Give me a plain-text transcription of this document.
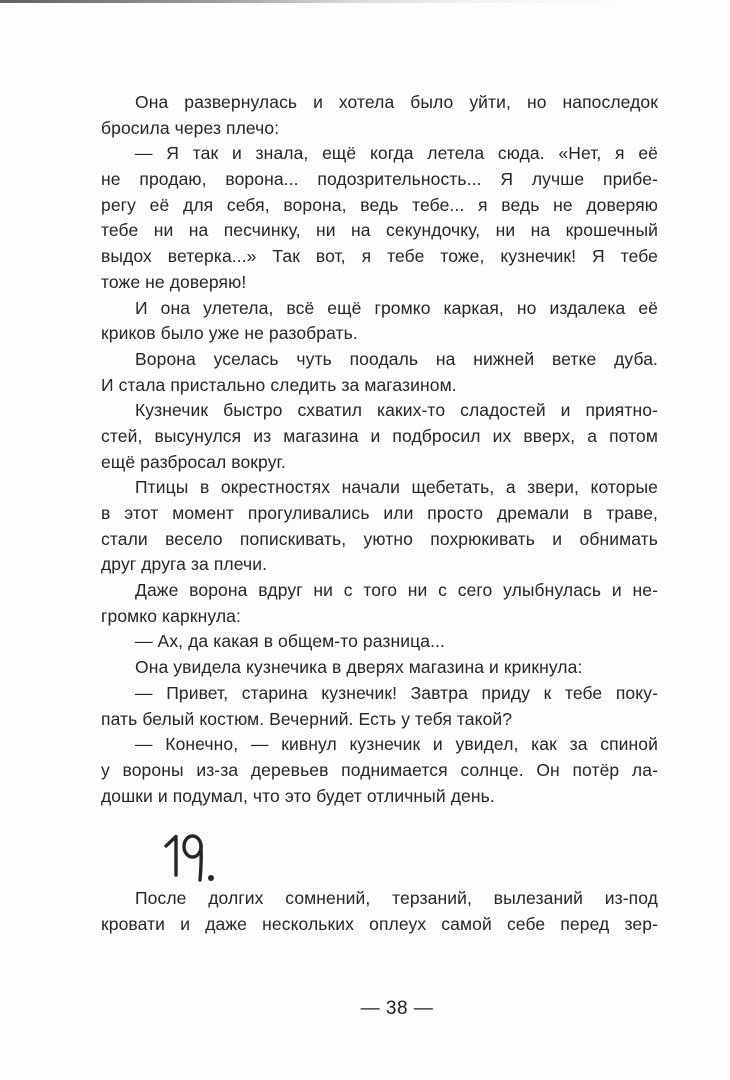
Она развернулась и хотела было уйти, но напоследок
бросила через плечо:
— Я так и знала, ещё когда летела сюда. «Нет, я её
не продаю, ворона... подозрительность... Я лучше прибе-
регу её для себя, ворона, ведь тебе... я ведь не доверяю
тебе ни на песчинку, ни на секундочку, ни на крошечный
выдох ветерка...» Так вот, я тебе тоже, кузнечик! Я тебе
тоже не доверяю!
И она улетела, всё ещё громко каркая, но издалека её
криков было уже не разобрать.
Ворона уселась чуть поодаль на нижней ветке дуба.
И стала пристально следить за магазином.
Кузнечик быстро схватил каких-то сладостей и приятно-
стей, высунулся из магазина и подбросил их вверх, а потом
ещё разбросал вокруг.
Птицы в окрестностях начали щебетать, а звери, которые
в этот момент прогуливались или просто дремали в траве,
стали весело попискивать, уютно похрюкивать и обнимать
друг друга за плечи.
Даже ворона вдруг ни с того ни с сего улыбнулась и не-
громко каркнула:
— Ах, да какая в общем-то разница...
Она увидела кузнечика в дверях магазина и крикнула:
— Привет, старина кузнечик! Завтра приду к тебе поку-
пать белый костюм. Вечерний. Есть у тебя такой?
— Конечно, — кивнул кузнечик и увидел, как за спиной
у вороны из-за деревьев поднимается солнце. Он потёр ла-
дошки и подумал, что это будет отличный день.
После долгих сомнений, терзаний, вылезаний из-под
кровати и даже нескольких оплеух самой себе перед зер-
— 38 —
